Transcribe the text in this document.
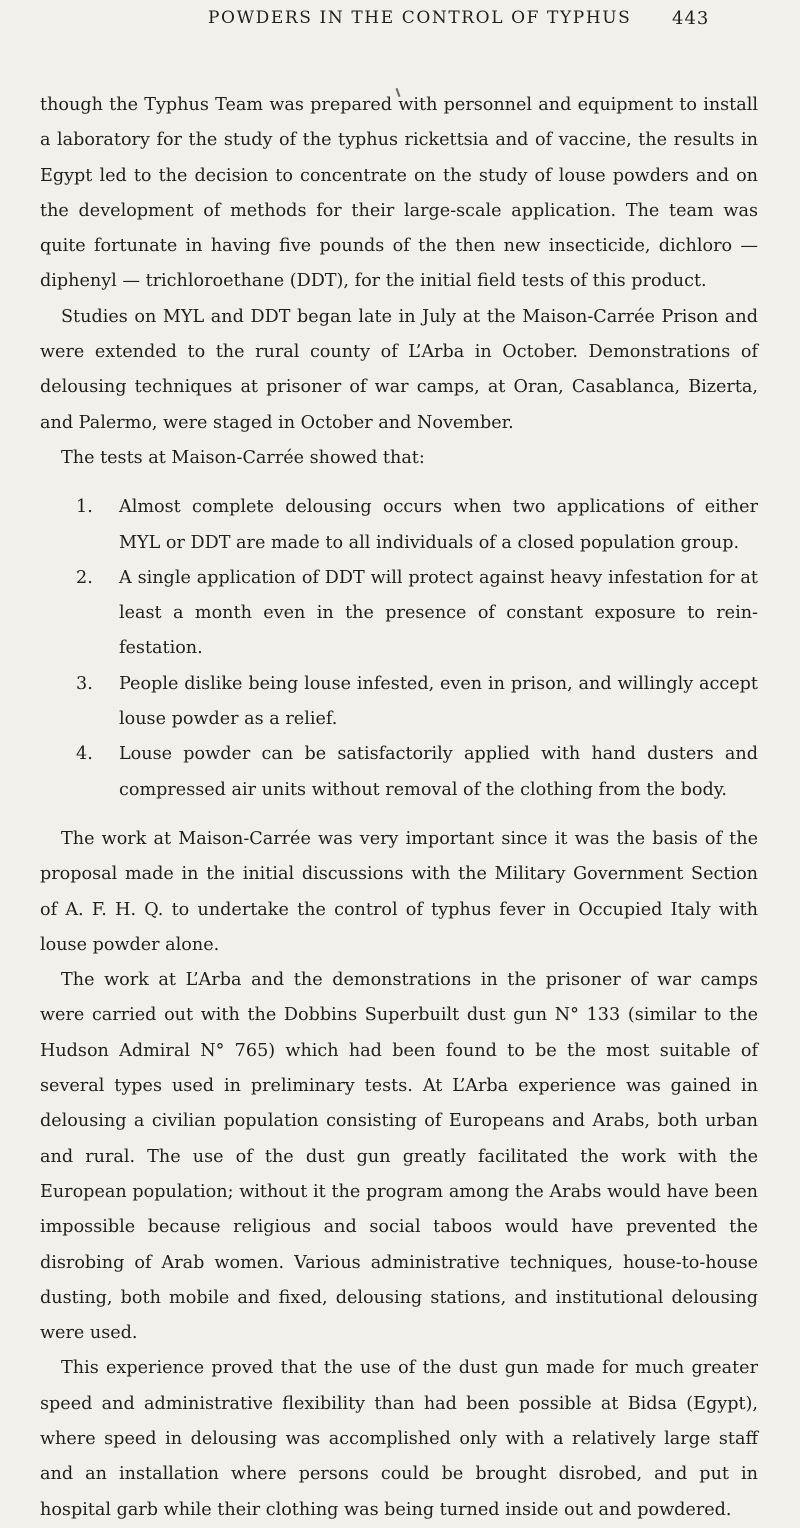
POWDERS IN THE CONTROL OF TYPHUS 443

though the Typhus Team was prepared with personnel and equipment to install a laboratory for the study of the typhus rickettsia and of vaccine, the results in Egypt led to the decision to concentrate on the study of louse powders and on the development of methods for their large-scale application. The team was quite fortunate in having five pounds of the then new insecticide, dichloro —diphenyl — trichloroethane (DDT), for the initial field tests of this product.

Studies on MYL and DDT began late in July at the Maison-Carrée Prison and were extended to the rural county of L’Arba in October. Demonstrations of delousing techniques at prisoner of war camps, at Oran, Casablanca, Bizerta, and Palermo, were staged in October and November.

The tests at Maison-Carrée showed that:

1.	Almost complete delousing occurs when two applications of either MYL or DDT are made to all individuals of a closed population group.
2.	A single application of DDT will protect against heavy infestation for at least a month even in the presence of constant exposure to rein-festation.
3.	People dislike being louse infested, even in prison, and willingly accept louse powder as a relief.
4.	Louse powder can be satisfactorily applied with hand dusters and compressed air units without removal of the clothing from the body.

The work at Maison-Carrée was very important since it was the basis of the proposal made in the initial discussions with the Military Government Section of A. F. H. Q. to undertake the control of typhus fever in Occupied Italy with louse powder alone.

The work at L’Arba and the demonstrations in the prisoner of war camps were carried out with the Dobbins Superbuilt dust gun N° 133 (similar to the Hudson Admiral N° 765) which had been found to be the most suitable of several types used in preliminary tests. At L’Arba experience was gained in delousing a civilian population consisting of Europeans and Arabs, both urban and rural. The use of the dust gun greatly facilitated the work with the European population; without it the program among the Arabs would have been impossible because religious and social taboos would have prevented the disrobing of Arab women. Various administrative techniques, house-to-house dusting, both mobile and fixed, delousing stations, and institutional delousing were used.

This experience proved that the use of the dust gun made for much greater speed and administrative flexibility than had been possible at Bidsa (Egypt), where speed in delousing was accomplished only with a relatively large staff and an installation where persons could be brought disrobed, and put in hospital garb while their clothing was being turned inside out and powdered.
